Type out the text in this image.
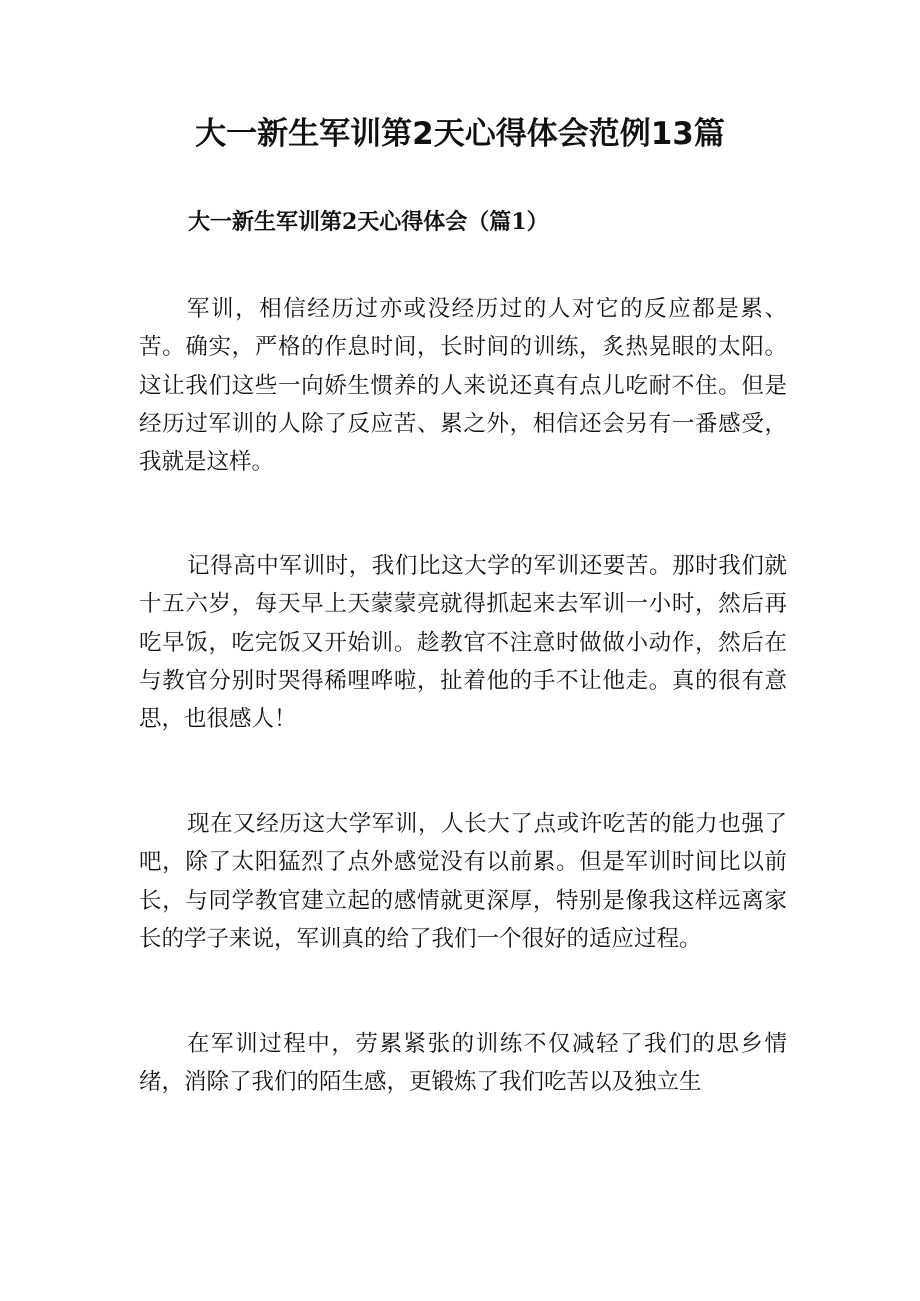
大一新生军训第2天心得体会范例13篇
大一新生军训第2天心得体会（篇1）

军训，相信经历过亦或没经历过的人对它的反应都是累、苦。确实，严格的作息时间，长时间的训练，炙热晃眼的太阳。这让我们这些一向娇生惯养的人来说还真有点儿吃耐不住。但是经历过军训的人除了反应苦、累之外，相信还会另有一番感受，我就是这样。

记得高中军训时，我们比这大学的军训还要苦。那时我们就十五六岁，每天早上天蒙蒙亮就得抓起来去军训一小时，然后再吃早饭，吃完饭又开始训。趁教官不注意时做做小动作，然后在与教官分别时哭得稀哩哗啦，扯着他的手不让他走。真的很有意思，也很感人！

现在又经历这大学军训，人长大了点或许吃苦的能力也强了吧，除了太阳猛烈了点外感觉没有以前累。但是军训时间比以前长，与同学教官建立起的感情就更深厚，特别是像我这样远离家长的学子来说，军训真的给了我们一个很好的适应过程。

在军训过程中，劳累紧张的训练不仅减轻了我们的思乡情绪，消除了我们的陌生感，更锻炼了我们吃苦以及独立生
